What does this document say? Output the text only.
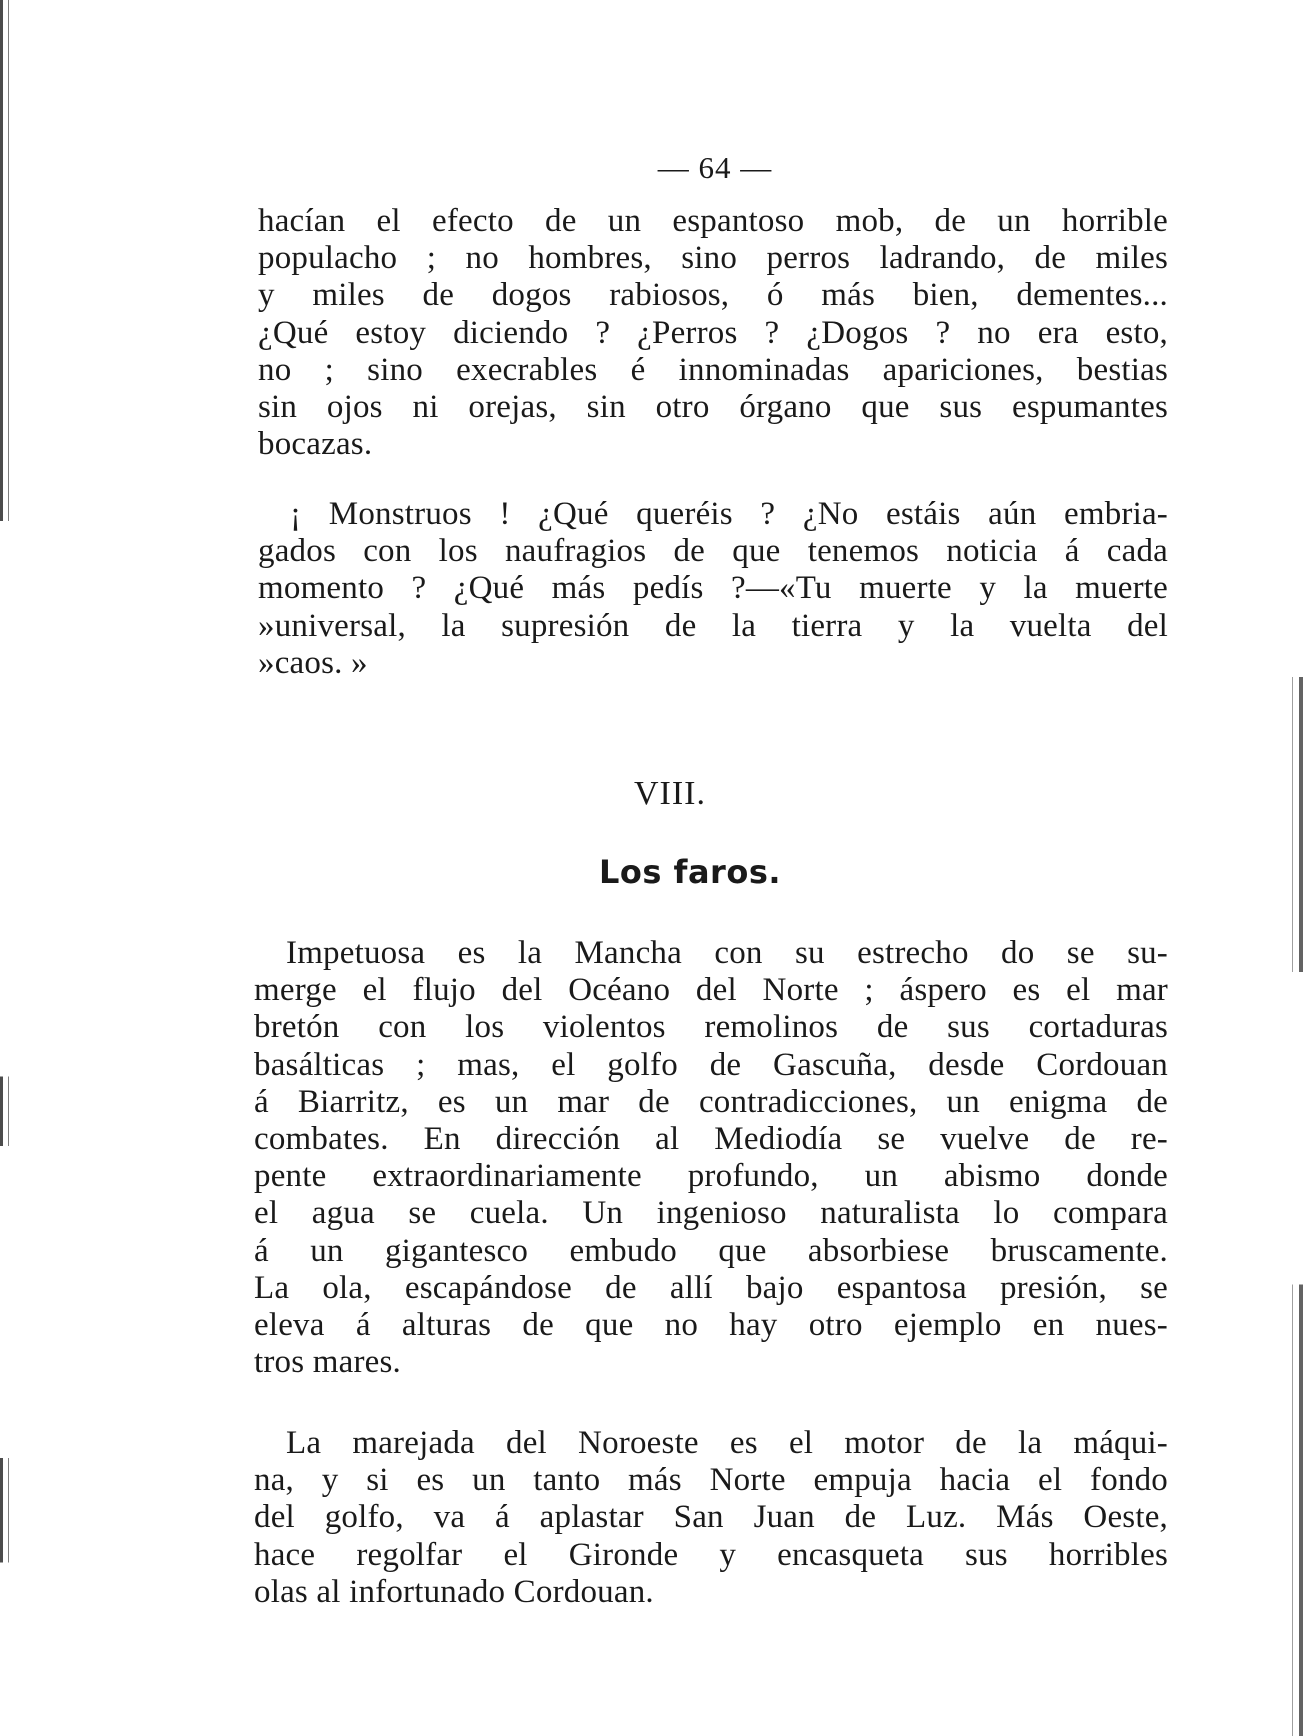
— 64 —
hacían el efecto de un espantoso mob, de un horrible
populacho ; no hombres, sino perros ladrando, de miles
y miles de dogos rabiosos, ó más bien, dementes...
¿Qué estoy diciendo ? ¿Perros ? ¿Dogos ? no era esto,
no ; sino execrables é innominadas apariciones, bestias
sin ojos ni orejas, sin otro órgano que sus espumantes
bocazas.
¡ Monstruos ! ¿Qué queréis ? ¿No estáis aún embria-
gados con los naufragios de que tenemos noticia á cada
momento ? ¿Qué más pedís ?—«Tu muerte y la muerte
»universal, la supresión de la tierra y la vuelta del
»caos. »
VIII.
Los faros.
Impetuosa es la Mancha con su estrecho do se su-
merge el flujo del Océano del Norte ; áspero es el mar
bretón con los violentos remolinos de sus cortaduras
basálticas ; mas, el golfo de Gascuña, desde Cordouan
á Biarritz, es un mar de contradicciones, un enigma de
combates. En dirección al Mediodía se vuelve de re-
pente extraordinariamente profundo, un abismo donde
el agua se cuela. Un ingenioso naturalista lo compara
á un gigantesco embudo que absorbiese bruscamente.
La ola, escapándose de allí bajo espantosa presión, se
eleva á alturas de que no hay otro ejemplo en nues-
tros mares.
La marejada del Noroeste es el motor de la máqui-
na, y si es un tanto más Norte empuja hacia el fondo
del golfo, va á aplastar San Juan de Luz. Más Oeste,
hace regolfar el Gironde y encasqueta sus horribles
olas al infortunado Cordouan.
